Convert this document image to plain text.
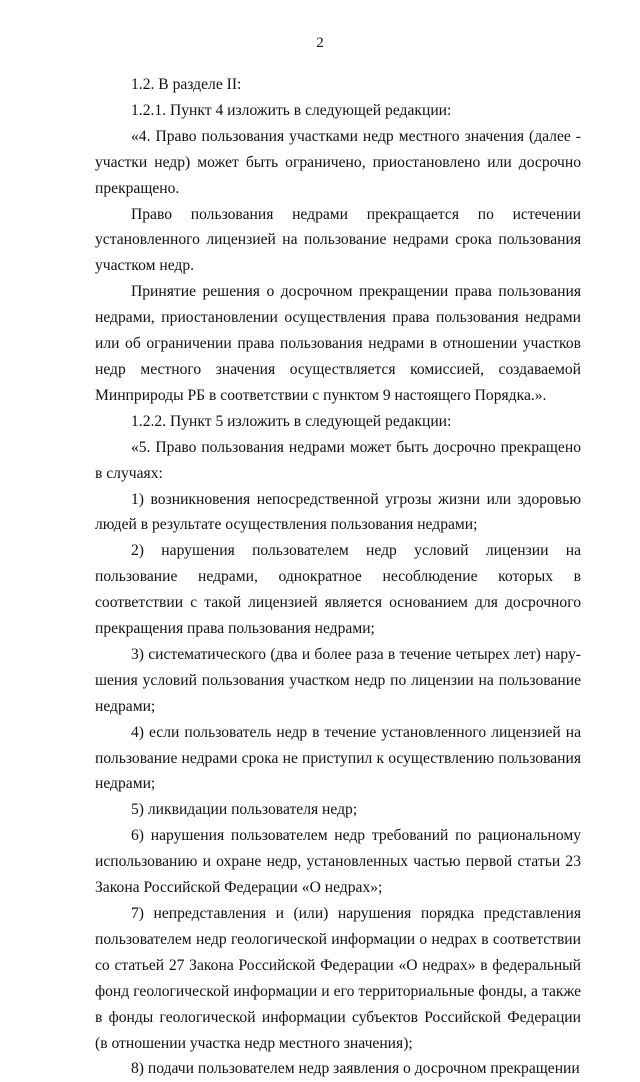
2

1.2. В разделе II:

1.2.1. Пункт 4 изложить в следующей редакции:

«4. Право пользования участками недр местного значения (далее - участки недр) может быть ограничено, приостановлено или досрочно прекращено.

Право пользования недрами прекращается по истечении установленного лицензией на пользование недрами срока пользования участком недр.

Принятие решения о досрочном прекращении права пользования недрами, приостановлении осуществления права пользования недрами или об ограничении права пользования недрами в отношении участков недр местного значения осуществляется комиссией, создаваемой Минприроды РБ в соответствии с пунктом 9 настоящего Порядка.».

1.2.2. Пункт 5 изложить в следующей редакции:

«5. Право пользования недрами может быть досрочно прекращено в случаях:

1) возникновения непосредственной угрозы жизни или здоровью людей в результате осуществления пользования недрами;

2) нарушения пользователем недр условий лицензии на пользование недрами, однократное несоблюдение которых в соответствии с такой лицензией является основанием для досрочного прекращения права пользования недрами;

3) систематического (два и более раза в течение четырех лет) нарушения условий пользования участком недр по лицензии на пользование недрами;

4) если пользователь недр в течение установленного лицензией на пользование недрами срока не приступил к осуществлению пользования недрами;

5) ликвидации пользователя недр;

6) нарушения пользователем недр требований по рациональному использованию и охране недр, установленных частью первой статьи 23 Закона Российской Федерации «О недрах»;

7) непредставления и (или) нарушения порядка представления пользователем недр геологической информации о недрах в соответствии со статьей 27 Закона Российской Федерации «О недрах» в федеральный фонд геологической информации и его территориальные фонды, а также в фонды геологической информации субъектов Российской Федерации (в отношении участка недр местного значения);

8) подачи пользователем недр заявления о досрочном прекращении
